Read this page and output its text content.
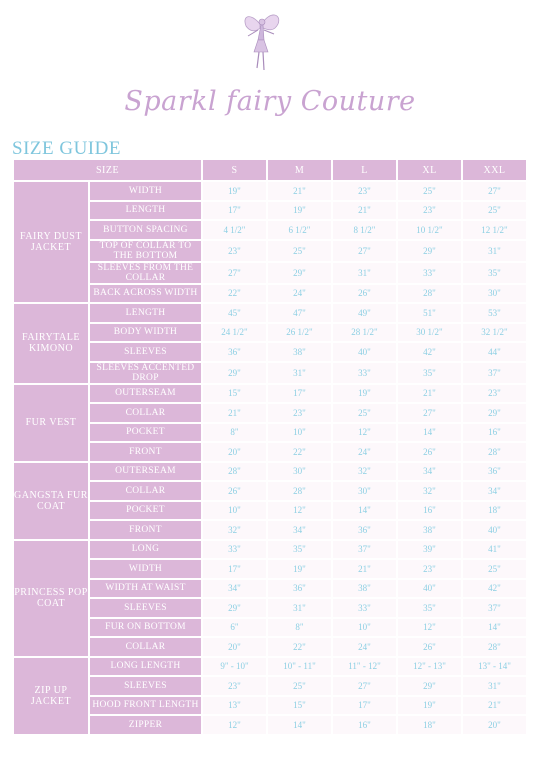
Sparkl fairy Couture
SIZE GUIDE
SIZE		S	M	L	XL	XXL
FAIRY DUST JACKET	WIDTH	19"	21"	23"	25"	27"
	LENGTH	17"	19"	21"	23"	25"
	BUTTON SPACING	4 1/2"	6 1/2"	8 1/2"	10 1/2"	12 1/2"
	TOP OF COLLAR TO THE BOTTOM	23"	25"	27"	29"	31"
	SLEEVES FROM THE COLLAR	27"	29"	31"	33"	35"
	BACK ACROSS WIDTH	22"	24"	26"	28"	30"
FAIRYTALE KIMONO	LENGTH	45"	47"	49"	51"	53"
	BODY WIDTH	24 1/2"	26 1/2"	28 1/2"	30 1/2"	32 1/2"
	SLEEVES	36"	38"	40"	42"	44"
	SLEEVES ACCENTED DROP	29"	31"	33"	35"	37"
FUR VEST	OUTERSEAM	15"	17"	19"	21"	23"
	COLLAR	21"	23"	25"	27"	29"
	POCKET	8"	10"	12"	14"	16"
	FRONT	20"	22"	24"	26"	28"
GANGSTA FUR COAT	OUTERSEAM	28"	30"	32"	34"	36"
	COLLAR	26"	28"	30"	32"	34"
	POCKET	10"	12"	14"	16"	18"
	FRONT	32"	34"	36"	38"	40"
PRINCESS POP COAT	LONG	33"	35"	37"	39"	41"
	WIDTH	17"	19"	21"	23"	25"
	WIDTH AT WAIST	34"	36"	38"	40"	42"
	SLEEVES	29"	31"	33"	35"	37"
	FUR ON BOTTOM	6"	8"	10"	12"	14"
	COLLAR	20"	22"	24"	26"	28"
ZIP UP JACKET	LONG LENGTH	9" - 10"	10" - 11"	11" - 12"	12" - 13"	13" - 14"
	SLEEVES	23"	25"	27"	29"	31"
	HOOD FRONT LENGTH	13"	15"	17"	19"	21"
	ZIPPER	12"	14"	16"	18"	20"
